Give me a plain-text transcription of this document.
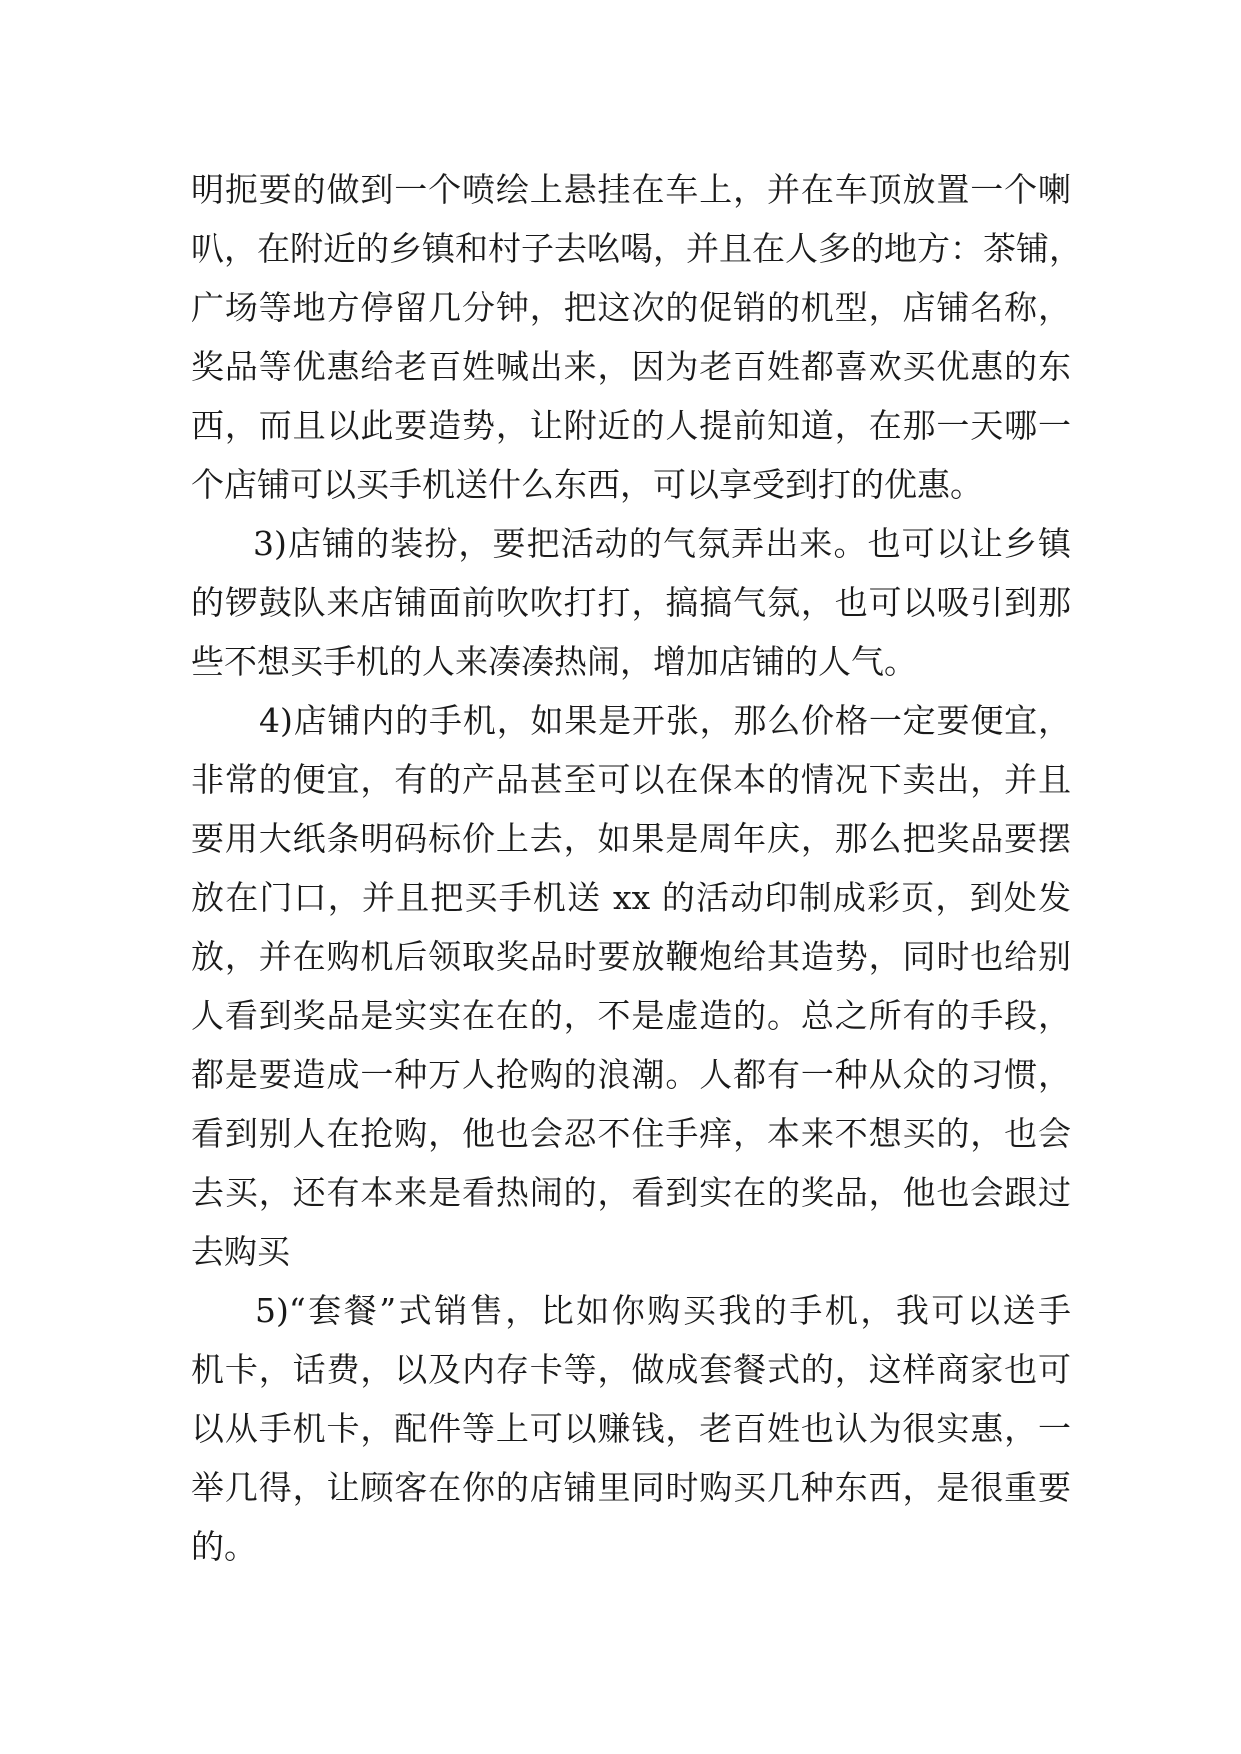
明扼要的做到一个喷绘上悬挂在车上，并在车顶放置一个喇
叭，在附近的乡镇和村子去吆喝，并且在人多的地方：茶铺，
广场等地方停留几分钟，把这次的促销的机型，店铺名称，
奖品等优惠给老百姓喊出来，因为老百姓都喜欢买优惠的东
西，而且以此要造势，让附近的人提前知道，在那一天哪一
个店铺可以买手机送什么东西，可以享受到打的优惠。
3)店铺的装扮，要把活动的气氛弄出来。也可以让乡镇
的锣鼓队来店铺面前吹吹打打，搞搞气氛，也可以吸引到那
些不想买手机的人来凑凑热闹，增加店铺的人气。
4)店铺内的手机，如果是开张，那么价格一定要便宜，
非常的便宜，有的产品甚至可以在保本的情况下卖出，并且
要用大纸条明码标价上去，如果是周年庆，那么把奖品要摆
放在门口，并且把买手机送 xx 的活动印制成彩页，到处发
放，并在购机后领取奖品时要放鞭炮给其造势，同时也给别
人看到奖品是实实在在的，不是虚造的。总之所有的手段，
都是要造成一种万人抢购的浪潮。人都有一种从众的习惯，
看到别人在抢购，他也会忍不住手痒，本来不想买的，也会
去买，还有本来是看热闹的，看到实在的奖品，他也会跟过
去购买
5)“套餐”式销售，比如你购买我的手机，我可以送手
机卡，话费，以及内存卡等，做成套餐式的，这样商家也可
以从手机卡，配件等上可以赚钱，老百姓也认为很实惠，一
举几得，让顾客在你的店铺里同时购买几种东西，是很重要
的。
